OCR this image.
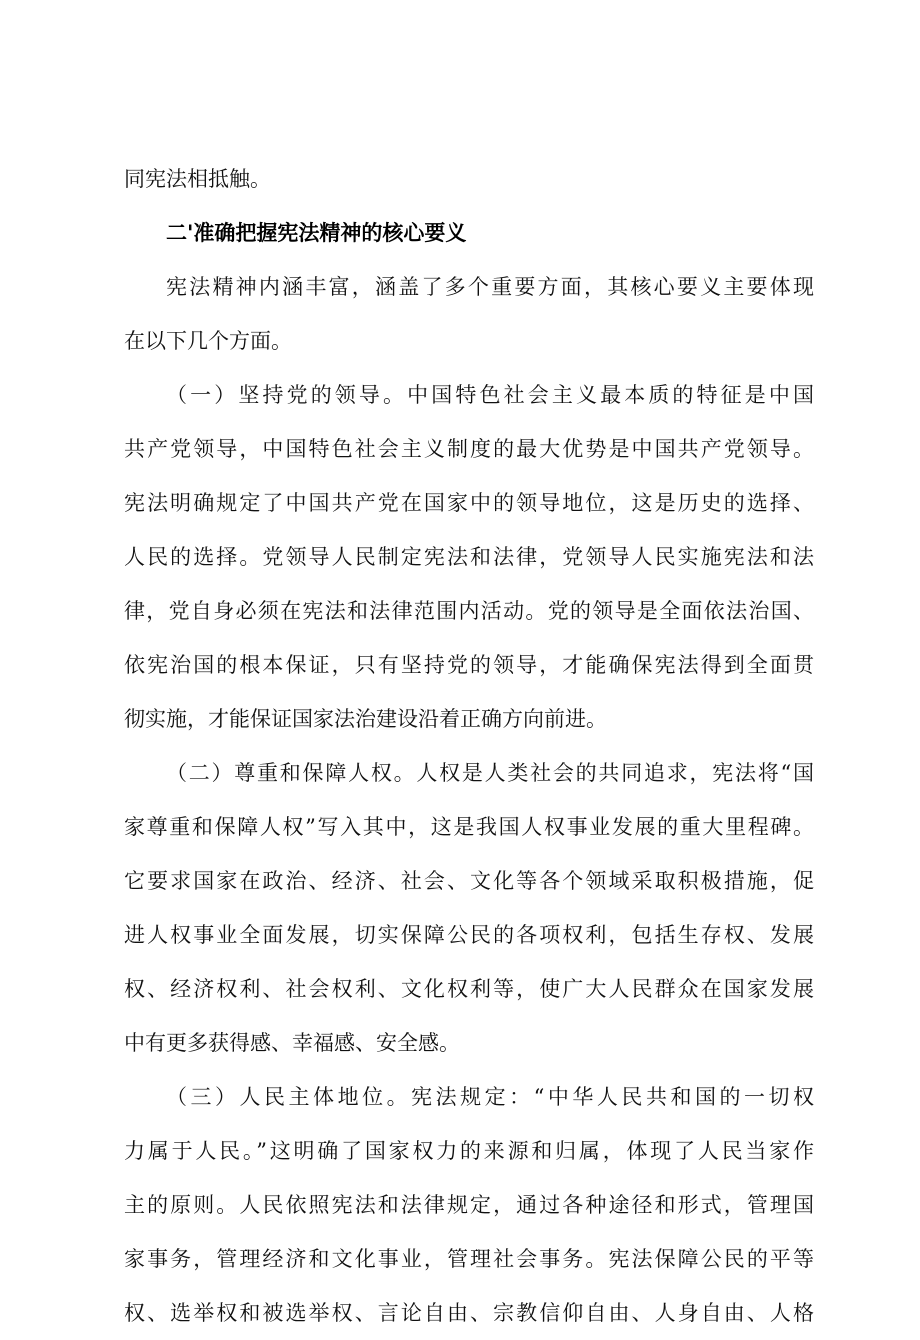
同宪法相抵触。
二'准确把握宪法精神的核心要义
宪法精神内涵丰富，涵盖了多个重要方面，其核心要义主要体现
在以下几个方面。
（一）坚持党的领导。中国特色社会主义最本质的特征是中国
共产党领导，中国特色社会主义制度的最大优势是中国共产党领导。
宪法明确规定了中国共产党在国家中的领导地位，这是历史的选择、
人民的选择。党领导人民制定宪法和法律，党领导人民实施宪法和法
律，党自身必须在宪法和法律范围内活动。党的领导是全面依法治国、
依宪治国的根本保证，只有坚持党的领导，才能确保宪法得到全面贯
彻实施，才能保证国家法治建设沿着正确方向前进。
（二）尊重和保障人权。人权是人类社会的共同追求，宪法将“国
家尊重和保障人权”写入其中，这是我国人权事业发展的重大里程碑。
它要求国家在政治、经济、社会、文化等各个领域采取积极措施，促
进人权事业全面发展，切实保障公民的各项权利，包括生存权、发展
权、经济权利、社会权利、文化权利等，使广大人民群众在国家发展
中有更多获得感、幸福感、安全感。
（三）人民主体地位。宪法规定：“中华人民共和国的一切权
力属于人民。”这明确了国家权力的来源和归属，体现了人民当家作
主的原则。人民依照宪法和法律规定，通过各种途径和形式，管理国
家事务，管理经济和文化事业，管理社会事务。宪法保障公民的平等
权、选举权和被选举权、言论自由、宗教信仰自由、人身自由、人格
